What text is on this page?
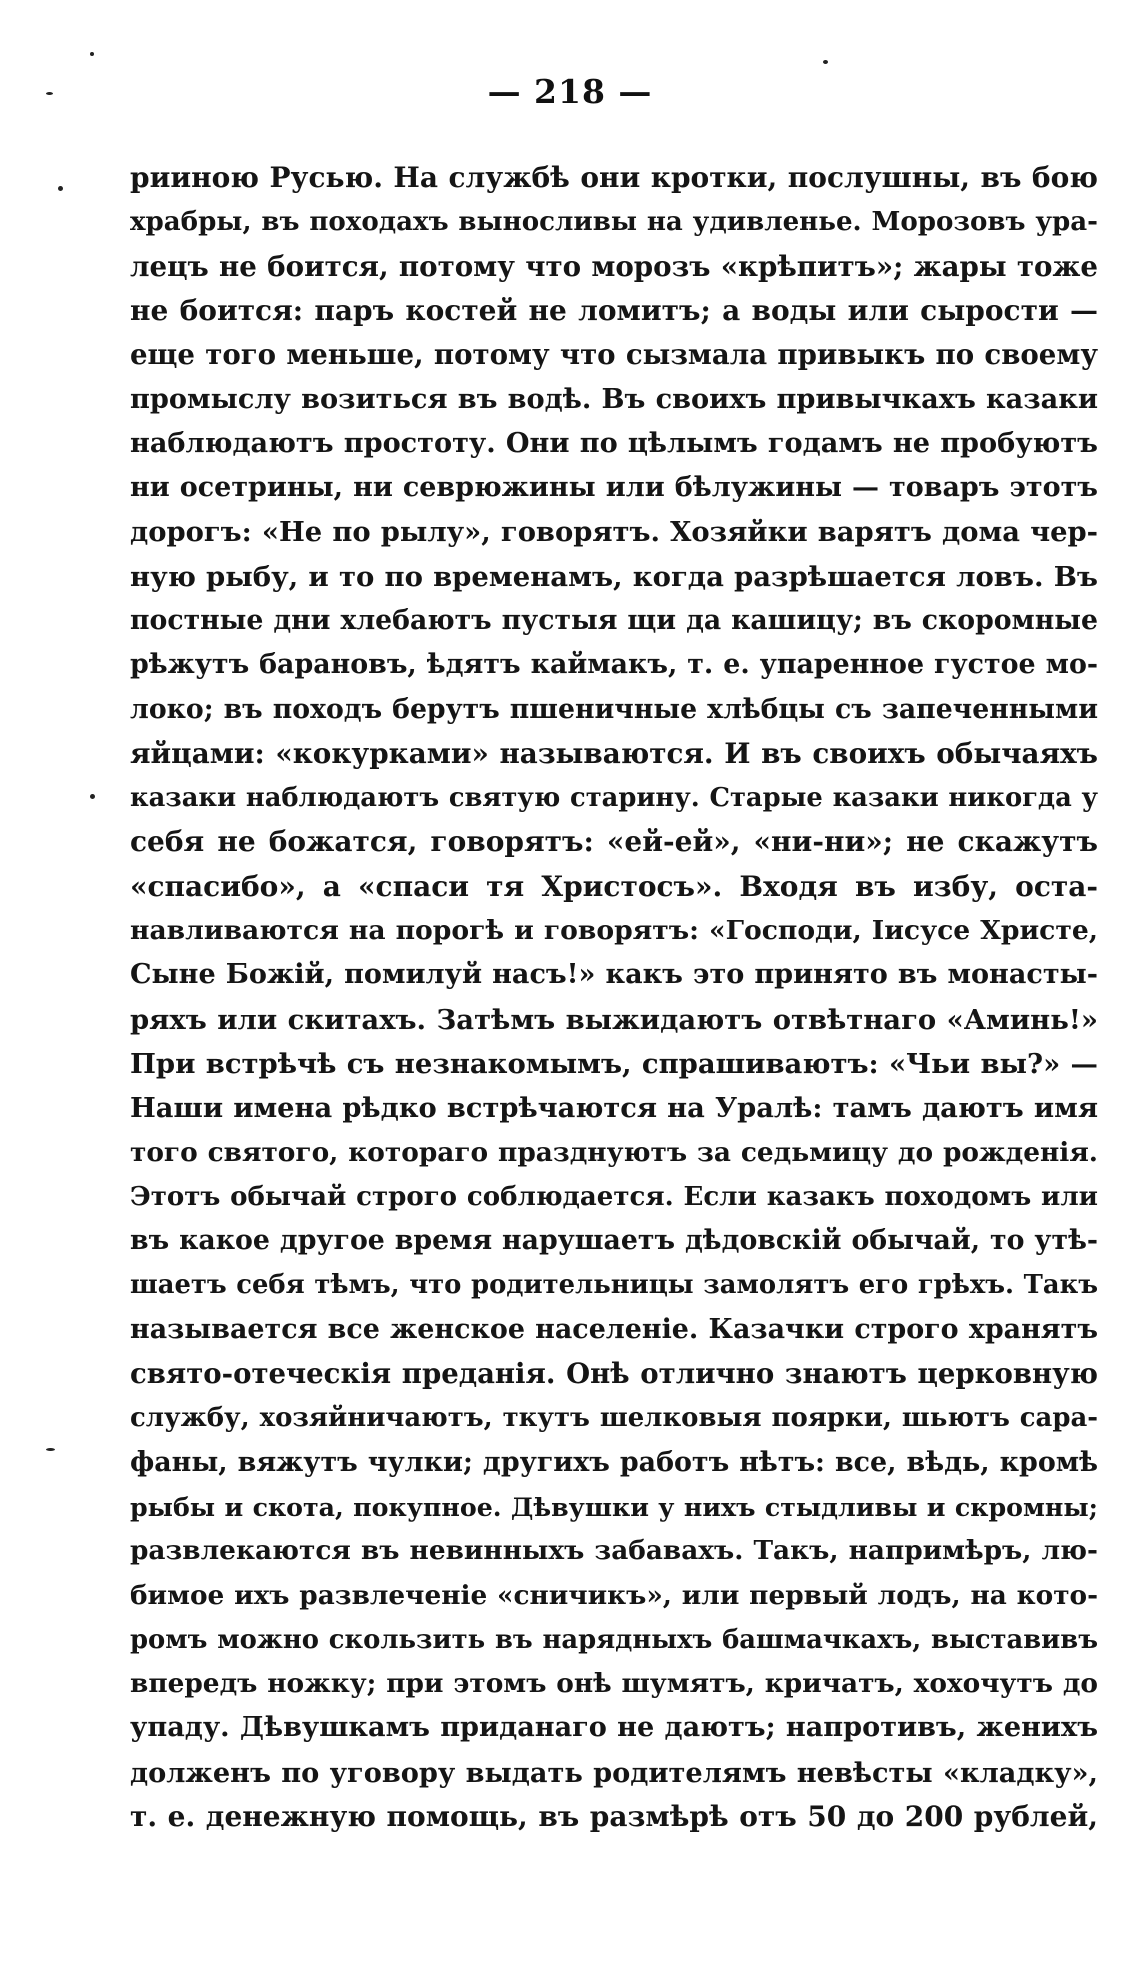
— 218 —
рииною Русью. На службѣ они кротки, послушны, въ бою
храбры, въ походахъ выносливы на удивленье. Морозовъ ура-
лецъ не боится, потому что морозъ «крѣпитъ»; жары тоже
не боится: паръ костей не ломитъ; а воды или сырости —
еще того меньше, потому что сызмала привыкъ по своему
промыслу возиться въ водѣ. Въ своихъ привычкахъ казаки
наблюдаютъ простоту. Они по цѣлымъ годамъ не пробуютъ
ни осетрины, ни севрюжины или бѣлужины — товаръ этотъ
дорогъ: «Не по рылу», говорятъ. Хозяйки варятъ дома чер-
ную рыбу, и то по временамъ, когда разрѣшается ловъ. Въ
постные дни хлебаютъ пустыя щи да кашицу; въ скоромные
рѣжутъ барановъ, ѣдятъ каймакъ, т. е. упаренное густое мо-
локо; въ походъ берутъ пшеничные хлѣбцы съ запеченными
яйцами: «кокурками» называются. И въ своихъ обычаяхъ
казаки наблюдаютъ святую старину. Старые казаки никогда у
себя не божатся, говорятъ: «ей-ей», «ни-ни»; не скажутъ
«спасибо», а «спаси тя Христосъ». Входя въ избу, оста-
навливаются на порогѣ и говорятъ: «Господи, Іисусе Христе,
Сыне Божій, помилуй насъ!» какъ это принято въ монасты-
ряхъ или скитахъ. Затѣмъ выжидаютъ отвѣтнаго «Аминь!»
При встрѣчѣ съ незнакомымъ, спрашиваютъ: «Чьи вы?» —
Наши имена рѣдко встрѣчаются на Уралѣ: тамъ даютъ имя
того святого, котораго празднуютъ за седьмицу до рожденія.
Этотъ обычай строго соблюдается. Если казакъ походомъ или
въ какое другое время нарушаетъ дѣдовскій обычай, то утѣ-
шаетъ себя тѣмъ, что родительницы замолятъ его грѣхъ. Такъ
называется все женское населеніе. Казачки строго хранятъ
свято-отеческія преданія. Онѣ отлично знаютъ церковную
службу, хозяйничаютъ, ткутъ шелковыя поярки, шьютъ сара-
фаны, вяжутъ чулки; другихъ работъ нѣтъ: все, вѣдь, кромѣ
рыбы и скота, покупное. Дѣвушки у нихъ стыдливы и скромны;
развлекаются въ невинныхъ забавахъ. Такъ, напримѣръ, лю-
бимое ихъ развлеченіе «сничикъ», или первый лодъ, на кото-
ромъ можно скользить въ нарядныхъ башмачкахъ, выставивъ
впередъ ножку; при этомъ онѣ шумятъ, кричатъ, хохочутъ до
упаду. Дѣвушкамъ приданаго не даютъ; напротивъ, женихъ
долженъ по уговору выдать родителямъ невѣсты «кладку»,
т. е. денежную помощь, въ размѣрѣ отъ 50 до 200 рублей,
